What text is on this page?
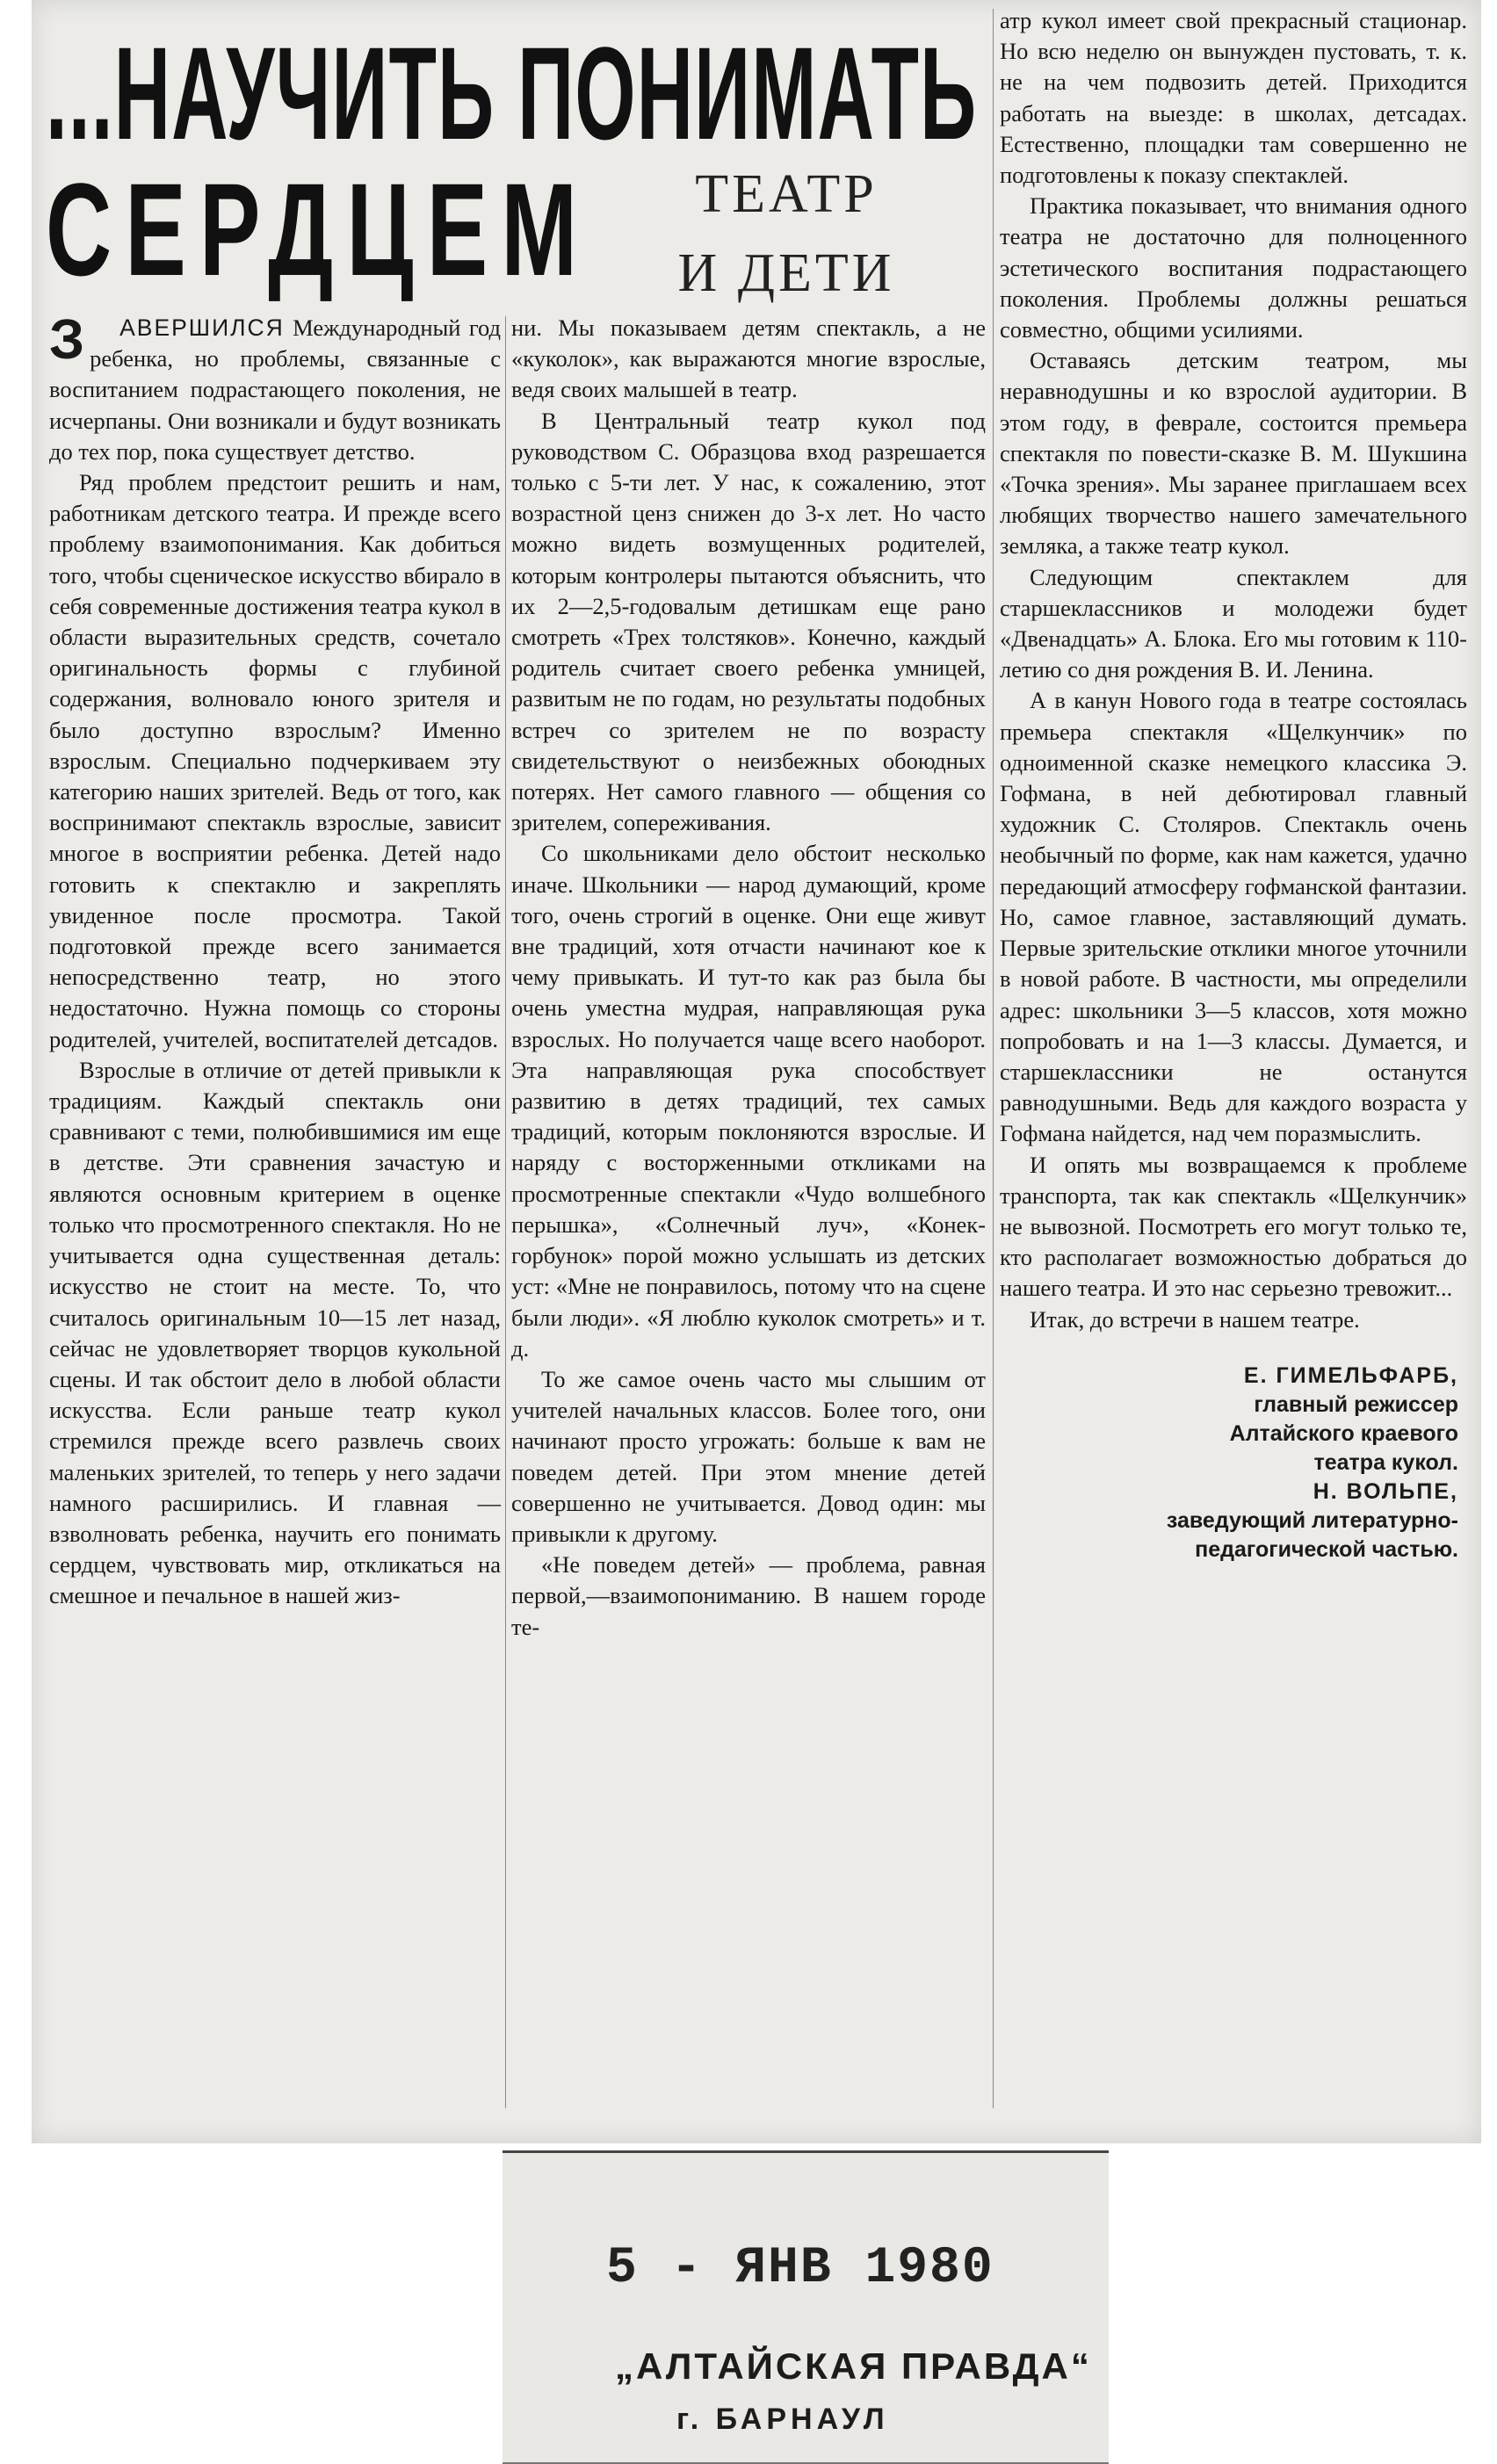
...НАУЧИТЬ ПОНИМАТЬ
СЕРДЦЕМ	ТЕАТР
И ДЕТИ

З АВЕРШИЛСЯ Международный год ребенка, но проблемы, связанные с воспитанием подрастающего поколения, не исчерпаны. Они возникали и будут возникать до тех пор, пока существует детство.

Ряд проблем предстоит решить и нам, работникам детского театра. И прежде всего проблему взаимопонимания. Как добиться того, чтобы сценическое искусство вбирало в себя современные достижения театра кукол в области выразительных средств, сочетало оригинальность формы с глубиной содержания, волновало юного зрителя и было доступно взрослым? Именно взрослым. Специально подчеркиваем эту категорию наших зрителей. Ведь от того, как воспринимают спектакль взрослые, зависит многое в восприятии ребенка. Детей надо готовить к спектаклю и закреплять увиденное после просмотра. Такой подготовкой прежде всего занимается непосредственно театр, но этого недостаточно. Нужна помощь со стороны родителей, учителей, воспитателей детсадов.

Взрослые в отличие от детей привыкли к традициям. Каждый спектакль они сравнивают с теми, полюбившимися им еще в детстве. Эти сравнения зачастую и являются основным критерием в оценке только что просмотренного спектакля. Но не учитывается одна существенная деталь: искусство не стоит на месте. То, что считалось оригинальным 10—15 лет назад, сейчас не удовлетворяет творцов кукольной сцены. И так обстоит дело в любой области искусства. Если раньше театр кукол стремился прежде всего развлечь своих маленьких зрителей, то теперь у него задачи намного расширились. И главная — взволновать ребенка, научить его понимать сердцем, чувствовать мир, откликаться на смешное и печальное в нашей жиз-

ни. Мы показываем детям спектакль, а не «куколок», как выражаются многие взрослые, ведя своих малышей в театр.

В Центральный театр кукол под руководством С. Образцова вход разрешается только с 5-ти лет. У нас, к сожалению, этот возрастной ценз снижен до 3-х лет. Но часто можно видеть возмущенных родителей, которым контролеры пытаются объяснить, что их 2—2,5-годовалым детишкам еще рано смотреть «Трех толстяков». Конечно, каждый родитель считает своего ребенка умницей, развитым не по годам, но результаты подобных встреч со зрителем не по возрасту свидетельствуют о неизбежных обоюдных потерях. Нет самого главного — общения со зрителем, сопереживания.

Со школьниками дело обстоит несколько иначе. Школьники — народ думающий, кроме того, очень строгий в оценке. Они еще живут вне традиций, хотя отчасти начинают кое к чему привыкать. И тут-то как раз была бы очень уместна мудрая, направляющая рука взрослых. Но получается чаще всего наоборот. Эта направляющая рука способствует развитию в детях традиций, тех самых традиций, которым поклоняются взрослые. И наряду с восторженными откликами на просмотренные спектакли «Чудо волшебного перышка», «Солнечный луч», «Конек-горбунок» порой можно услышать из детских уст: «Мне не понравилось, потому что на сцене были люди». «Я люблю куколок смотреть» и т. д.

То же самое очень часто мы слышим от учителей начальных классов. Более того, они начинают просто угрожать: больше к вам не поведем детей. При этом мнение детей совершенно не учитывается. Довод один: мы привыкли к другому.

«Не поведем детей» — проблема, равная первой,—взаимопониманию. В нашем городе те-

атр кукол имеет свой прекрасный стационар. Но всю неделю он вынужден пустовать, т. к. не на чем подвозить детей. Приходится работать на выезде: в школах, детсадах. Естественно, площадки там совершенно не подготовлены к показу спектаклей.

Практика показывает, что внимания одного театра не достаточно для полноценного эстетического воспитания подрастающего поколения. Проблемы должны решаться совместно, общими усилиями.

Оставаясь детским театром, мы неравнодушны и ко взрослой аудитории. В этом году, в феврале, состоится премьера спектакля по повести-сказке В. М. Шукшина «Точка зрения». Мы заранее приглашаем всех любящих творчество нашего замечательного земляка, а также театр кукол.

Следующим спектаклем для старшеклассников и молодежи будет «Двенадцать» А. Блока. Его мы готовим к 110-летию со дня рождения В. И. Ленина.

А в канун Нового года в театре состоялась премьера спектакля «Щелкунчик» по одноименной сказке немецкого классика Э. Гофмана, в ней дебютировал главный художник С. Столяров. Спектакль очень необычный по форме, как нам кажется, удачно передающий атмосферу гофманской фантазии. Но, самое главное, заставляющий думать. Первые зрительские отклики многое уточнили в новой работе. В частности, мы определили адрес: школьники 3—5 классов, хотя можно попробовать и на 1—3 классы. Думается, и старшеклассники не останутся равнодушными. Ведь для каждого возраста у Гофмана найдется, над чем поразмыслить.

И опять мы возвращаемся к проблеме транспорта, так как спектакль «Щелкунчик» не вывозной. Посмотреть его могут только те, кто располагает возможностью добраться до нашего театра. И это нас серьезно тревожит...

Итак, до встречи в нашем театре.

Е. ГИМЕЛЬФАРБ,
главный режиссер
Алтайского краевого
театра кукол.
Н. ВОЛЬПЕ,
заведующий литературно-
педагогической частью.
5 - ЯНВ 1980
„АЛТАЙСКАЯ ПРАВДА“
г. БАРНАУЛ
